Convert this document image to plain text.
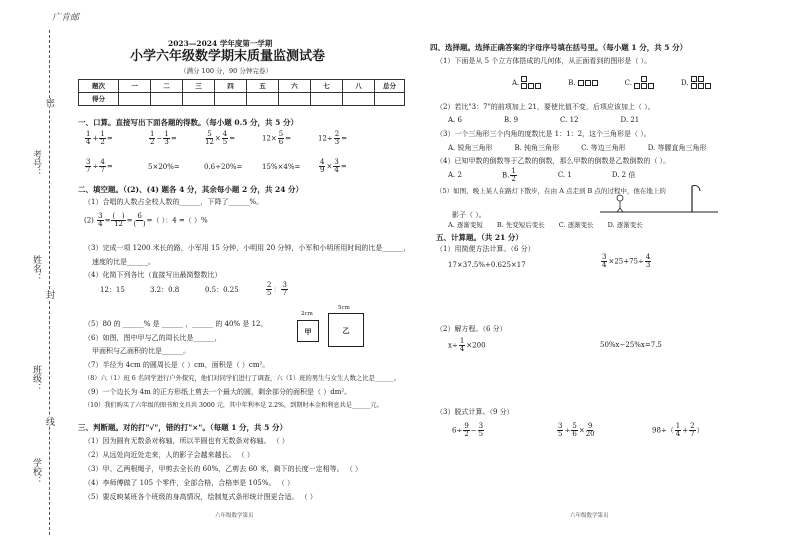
广肯邮
考号：
姓名：
班级：
学校：
密
封
线
2023—2024 学年度第一学期
小学六年级数学期末质量监测试卷
（满分 100 分，90 分钟完卷）
题次	一	二	三	四	五	六	七	八	总分
得分									
一、口算。直接写出下面各题的得数。（每小题 0.5 分，共 5 分）
$\frac{1}{4} + \frac{1}{2}$ =	$\frac{1}{2} - \frac{1}{3}$ =	$\frac{5}{12} \times \frac{4}{5}$ =	$12\times \frac{5}{6}$ =	$12\div \frac{2}{3}$ =
$\frac{3}{7} \div \frac{4}{7}$ =	5×20%=	0.6÷20%=	15%×4%=	$\frac{4}{9} \times \frac{3}{4}$ =
二、填空题。（(2)、(4) 题各 4 分，其余每小题 2 分，共 24 分）
（1）合唱的人数占全校人数的______，下降了______%。
$(2) \frac{3}{4} = \frac{( )}{12} = \frac{6}{( )}$ =（ ）：4 =（ ）%
（3）完成一项 1200 米长的路，小军用 15 分钟，小明用 20 分钟，小军和小明所用时间的比是______，
速度的比是______。
（4）化简下列各比（直接写出最简整数比）
12：15	3.2：0.8	0.5：0.25	$\frac{2}{5}$ ： $\frac{3}{7}$
2cm
5cm
甲	乙
（5）80 的 ______% 是 ______ ，______ 的 40% 是 12。
（6）如图，图中甲与乙的周长比是______，
甲面积与乙面积的比是______。
（7）半径为 4cm 的圆周长是（ ）cm，面积是（ ）cm²。
（8）六（1）班 6 名同学进行户外探究，他们对同学们进行了调查，六（1）班的男生与女生人数之比是______。
（9）一个边长为 4m 的正方形纸上剪去一个最大的圆，剩余部分的面积是（ ）dm²。
（10）我们购买了六年级的图书和文具共 3000 元，其中年利率是 2.2%，到期时本金和利息共是______元。
三、判断题。对的打"√"，错的打"×"。（每题 1 分，共 5 分）
（1）因为圆有无数条对称轴，所以半圆也有无数条对称轴。 （ ）
（2）从远处向近处走来，人的影子会越来越长。 （ ）
（3）甲、乙两根绳子，甲剪去全长的 60%，乙剪去 60 米，剩下的长度一定相等。 （ ）
（4）李师傅做了 105 个零件，全部合格，合格率是 105%。 （ ）
（5）要反映某班各个班级的身高情况，绘制复式条形统计图更合适。 （ ）
六年级数学第页
四、选择题。选择正确答案的字母序号填在括号里。（每小题 1 分，共 5 分）
（1）下面是从 5 个立方体搭成的几何体，从正面看到的图形是（ ）。
A.	B.	C.	D.
（2）若比"3：7"的前项加上 21，要使比值不变，后项应该加上（ ）。
A. 6	B. 9	C. 12	D. 21
（3）一个三角形三个内角的度数比是 1：1：2，这个三角形是（ ）。
A. 锐角三角形	B. 钝角三角形	C. 等边三角形	D. 等腰直角三角形
（4）已知甲数的倒数等于乙数的倒数，那么甲数的倒数是乙数倒数的（ ）。
A. 2	B. $\frac{1}{2}$	C. 1	D. 2 倍
（5）如图，晚上某人在路灯下散步，在由 A 点走到 B 点的过程中，他在地上的
影子（ ）。
A. 逐渐变短 B. 先变短后变长 C. 逐渐变长 D. 逐渐变长
五、计算题。（共 21 分）
（1）用简便方法计算。（6 分）
17×37.5%+0.625×17	$\frac{3}{4} \times 25+75\div \frac{4}{3}$
（2）解方程。（6 分）
$x\div \frac{1}{4} \times 200$	50%x−25%x=7.5
（3）脱式计算。（9 分）
$6\div \frac{9}{2} - \frac{3}{5}$	$\frac{3}{5} \div \frac{5}{6} \times \frac{9}{20}$	$98\div( \frac{1}{4} + \frac{2}{7}$ ）
六年级数学第页
